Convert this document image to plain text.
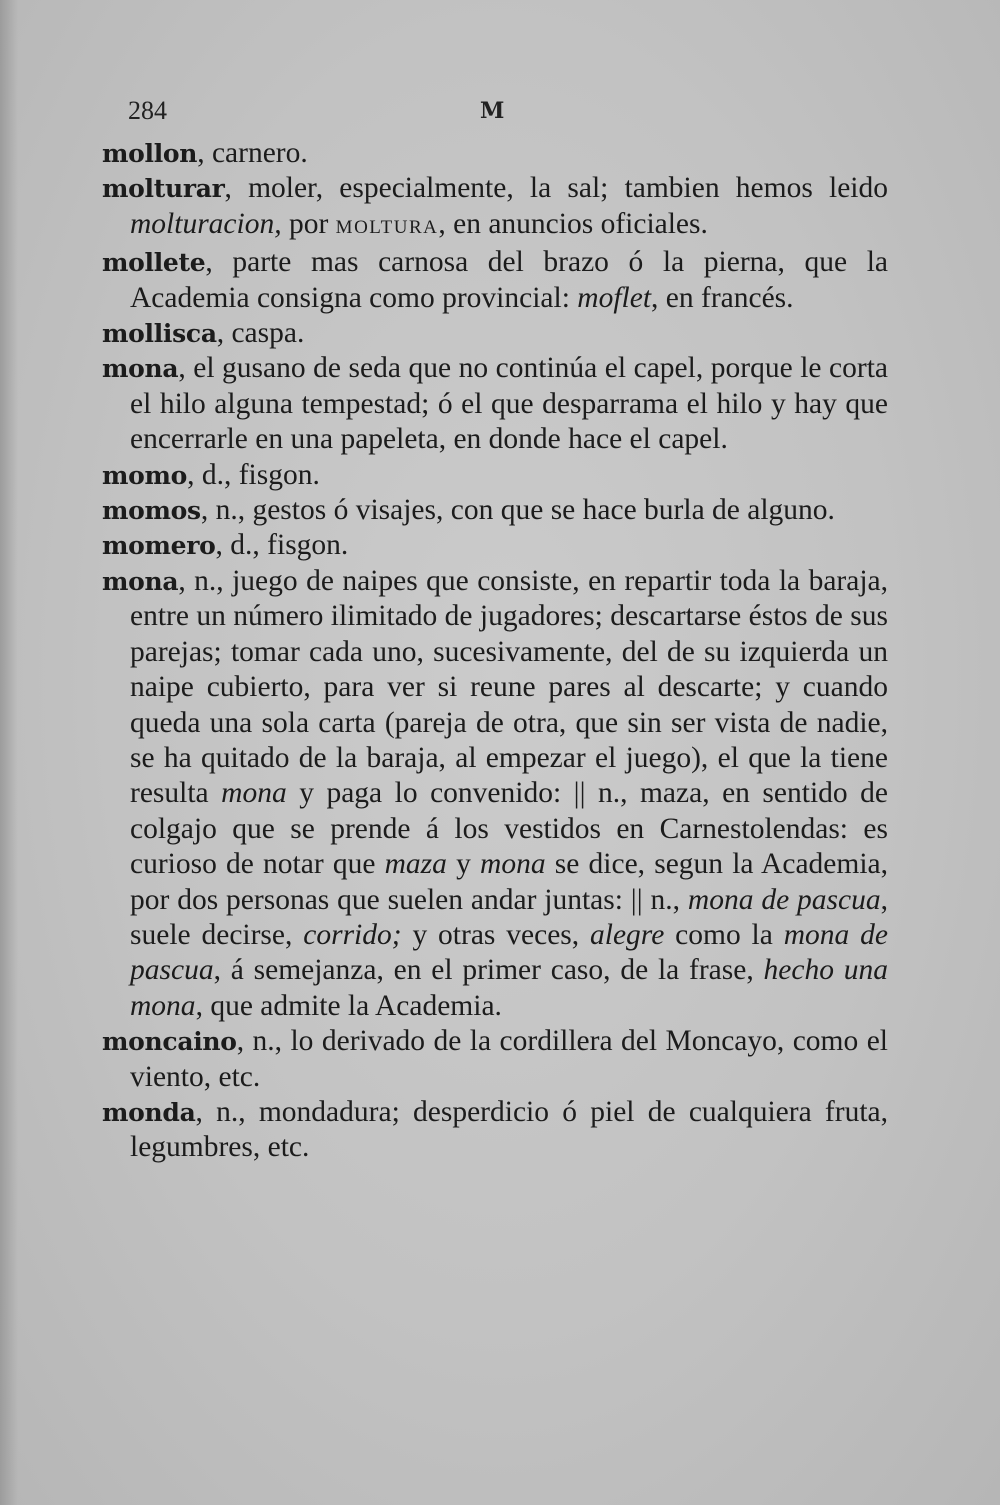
284	M

mollon, carnero.

molturar, moler, especialmente, la sal; tambien hemos leido molturacion, por MOLTURA, en anuncios oficiales.

mollete, parte mas carnosa del brazo ó la pierna, que la Academia consigna como provincial: moflet, en francés.

mollisca, caspa.

mona, el gusano de seda que no continúa el capel, porque le corta el hilo alguna tempestad; ó el que desparrama el hilo y hay que encerrarle en una papeleta, en donde hace el capel.

momo, d., fisgon.

momos, n., gestos ó visajes, con que se hace burla de alguno.

momero, d., fisgon.

mona, n., juego de naipes que consiste, en repartir toda la baraja, entre un número ilimitado de jugadores; descartarse éstos de sus parejas; tomar cada uno, sucesivamente, del de su izquierda un naipe cubierto, para ver si reune pares al descarte; y cuando queda una sola carta (pareja de otra, que sin ser vista de nadie, se ha quitado de la baraja, al empezar el juego), el que la tiene resulta mona y paga lo convenido: || n., maza, en sentido de colgajo que se prende á los vestidos en Carnestolendas: es curioso de notar que maza y mona se dice, segun la Academia, por dos personas que suelen andar juntas: || n., mona de pascua, suele decirse, corrido; y otras veces, alegre como la mona de pascua, á semejanza, en el primer caso, de la frase, hecho una mona, que admite la Academia.

moncaino, n., lo derivado de la cordillera del Moncayo, como el viento, etc.

monda, n., mondadura; desperdicio ó piel de cualquiera fruta, legumbres, etc.
